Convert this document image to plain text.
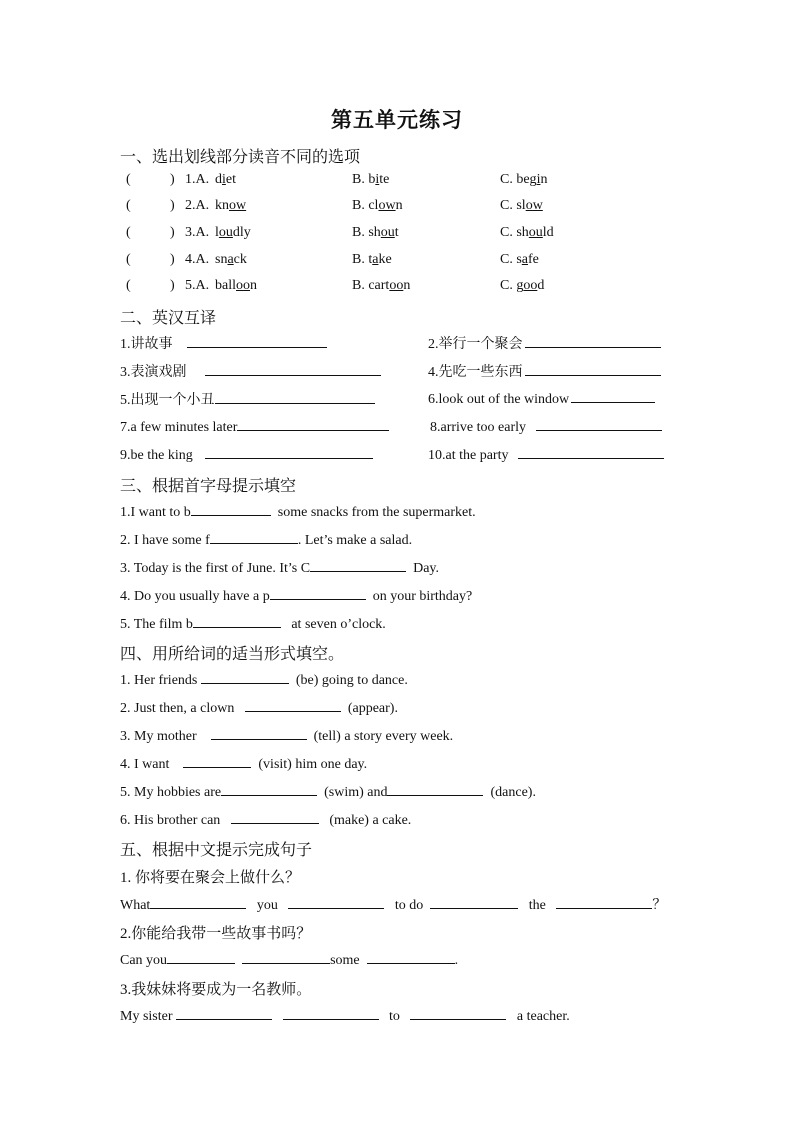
第五单元练习
一、选出划线部分读音不同的选项
(	) 1.A. diet	B. bite	C. begin
(	) 2.A. know	B. clown	C. slow
(	) 3.A. loudly	B. shout	C. should
(	) 4.A. snack	B. take	C. safe
(	) 5.A. balloon	B. cartoon	C. good
二、英汉互译
1.讲故事	2.举行一个聚会
3.表演戏剧	4.先吃一些东西
5.出现一个小丑	6.look out of the window
7.a few minutes later	8.arrive too early
9.be the king	10.at the party
三、根据首字母提示填空
1.I want to b	some snacks from the supermarket.
2. I have some f	. Let’s make a salad.
3. Today is the first of June. It’s C	Day.
4. Do you usually have a p	on your birthday?
5. The film b	at seven o’clock.
四、用所给词的适当形式填空。
1. Her friends	(be) going to dance.
2. Just then, a clown	(appear).
3. My mother	(tell) a story every week.
4. I want	(visit) him one day.
5. My hobbies are	(swim) and	(dance).
6. His brother can	(make) a cake.
五、根据中文提示完成句子
1. 你将要在聚会上做什么？
What	you	to do	the	？
2.你能给我带一些故事书吗？
Can you	some	.
3.我妹妹将要成为一名教师。
My sister	to	a teacher.
